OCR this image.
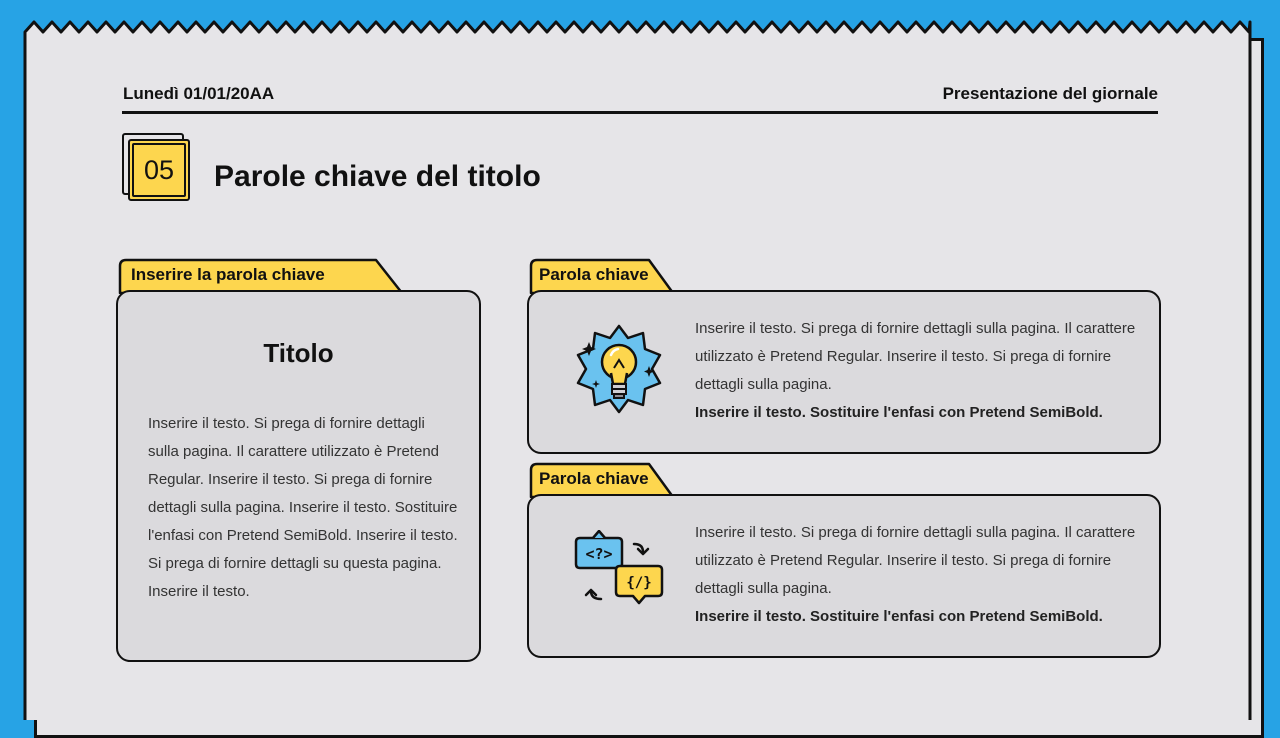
Lunedì 01/01/20AA	Presentazione del giornale
05	Parole chiave del titolo
Inserire la parola chiave
Titolo
Inserire il testo. Si prega di fornire dettagli sulla pagina. Il carattere utilizzato è Pretend Regular. Inserire il testo. Si prega di fornire dettagli sulla pagina. Inserire il testo. Sostituire l'enfasi con Pretend SemiBold. Inserire il testo. Si prega di fornire dettagli su questa pagina. Inserire il testo.
Parola chiave
Inserire il testo. Si prega di fornire dettagli sulla pagina. Il carattere utilizzato è Pretend Regular. Inserire il testo. Si prega di fornire dettagli sulla pagina.
Inserire il testo. Sostituire l'enfasi con Pretend SemiBold.
Parola chiave
<?>
{/}
Inserire il testo. Si prega di fornire dettagli sulla pagina. Il carattere utilizzato è Pretend Regular. Inserire il testo. Si prega di fornire dettagli sulla pagina.
Inserire il testo. Sostituire l'enfasi con Pretend SemiBold.
